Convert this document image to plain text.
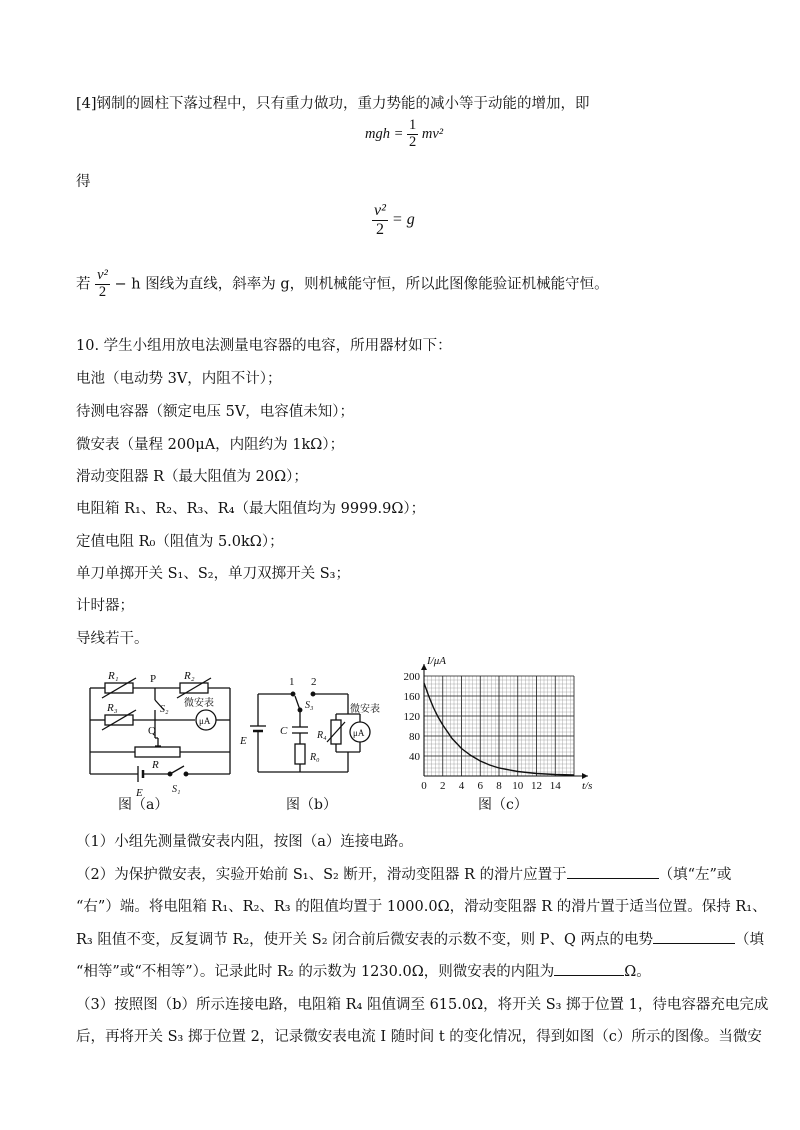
[4]钢制的圆柱下落过程中，只有重力做功，重力势能的减小等于动能的增加，即
mgh = $\frac{1}{2} mv^2$
得
$\frac{\text{v²}}{2} = g$
若 $\frac{\text{v²}}{2} - h$ 图线为直线，斜率为 g，则机械能守恒，所以此图像能验证机械能守恒。
10. 学生小组用放电法测量电容器的电容，所用器材如下：
电池（电动势 3V，内阻不计）；
待测电容器（额定电压 5V，电容值未知）；
微安表（量程 200μA，内阻约为 1kΩ）；
滑动变阻器 R（最大阻值为 20Ω）；
电阻箱 R₁、R₂、R₃、R₄（最大阻值均为 9999.9Ω）；
定值电阻 R₀（阻值为 5.0kΩ）；
单刀单掷开关 S₁、S₂，单刀双掷开关 S₃；
计时器；
导线若干。
R₁	P	R₂
R₃	S₂
微安表
μA
Q
R
E	S₁
图（a）
1 2
S₃
E
C	R₄
R₀
微安表
μA
图（b）
0 2 4 6 8 10 12 14
200
160
120
80
40
I/μA
t/s
图（c）
（1）小组先测量微安表内阻，按图（a）连接电路。
（2）为保护微安表，实验开始前 S₁、S₂ 断开，滑动变阻器 R 的滑片应置于	（填“左”或
“右”）端。将电阻箱 R₁、R₂、R₃ 的阻值均置于 1000.0Ω，滑动变阻器 R 的滑片置于适当位置。保持 R₁、
R₃ 阻值不变，反复调节 R₂，使开关 S₂ 闭合前后微安表的示数不变，则 P、Q 两点的电势	（填
“相等”或“不相等”）。记录此时 R₂ 的示数为 1230.0Ω，则微安表的内阻为	Ω。
（3）按照图（b）所示连接电路，电阻箱 R₄ 阻值调至 615.0Ω，将开关 S₃ 掷于位置 1，待电容器充电完成
后，再将开关 S₃ 掷于位置 2，记录微安表电流 I 随时间 t 的变化情况，得到如图（c）所示的图像。当微安
